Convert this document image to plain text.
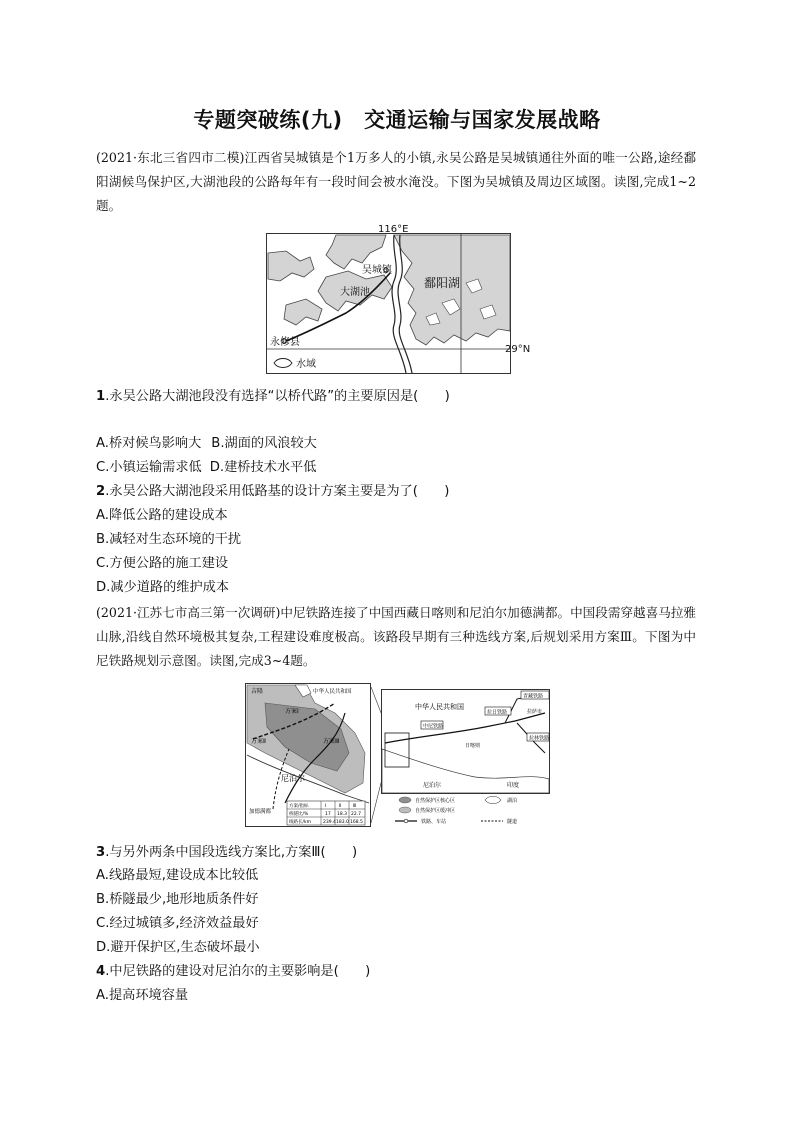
专题突破练(九)　交通运输与国家发展战略
(2021·东北三省四市二模)江西省吴城镇是个1万多人的小镇,永吴公路是吴城镇通往外面的唯一公路,途经鄱阳湖候鸟保护区,大湖池段的公路每年有一段时间会被水淹没。下图为吴城镇及周边区域图。读图,完成1~2题。
吴城镇
大湖池
鄱阳湖
永修县
水域
116°E
29°N
1.永吴公路大湖池段没有选择“以桥代路”的主要原因是(　　)
A.桥对候鸟影响大 B.湖面的风浪较大
C.小镇运输需求低 D.建桥技术水平低
2.永吴公路大湖池段采用低路基的设计方案主要是为了(　　)
A.降低公路的建设成本
B.减轻对生态环境的干扰
C.方便公路的施工建设
D.减少道路的维护成本
(2021·江苏七市高三第一次调研)中尼铁路连接了中国西藏日喀则和尼泊尔加德满都。中国段需穿越喜马拉雅山脉,沿线自然环境极其复杂,工程建设难度极高。该路段早期有三种选线方案,后规划采用方案Ⅲ。下图为中尼铁路规划示意图。读图,完成3~4题。
方案/指标	Ⅰ	Ⅱ	Ⅲ
桥隧比/%	17 18.3 22.7
线路长/km	239.4 183.0 168.5
吉隆	中华人民共和国
方案Ⅲ
方案Ⅱ
方案Ⅰ
尼泊尔
加德满都
青藏铁路
拉日铁路
拉林铁路
中尼铁路
中华人民共和国
尼泊尔	印度
日喀则
拉萨市
自然保护区核心区
自然保护区缓冲区
湖泊
铁路、车站	隧道
3.与另外两条中国段选线方案比,方案Ⅲ(　　)
A.线路最短,建设成本比较低
B.桥隧最少,地形地质条件好
C.经过城镇多,经济效益最好
D.避开保护区,生态破坏最小
4.中尼铁路的建设对尼泊尔的主要影响是(　　)
A.提高环境容量
